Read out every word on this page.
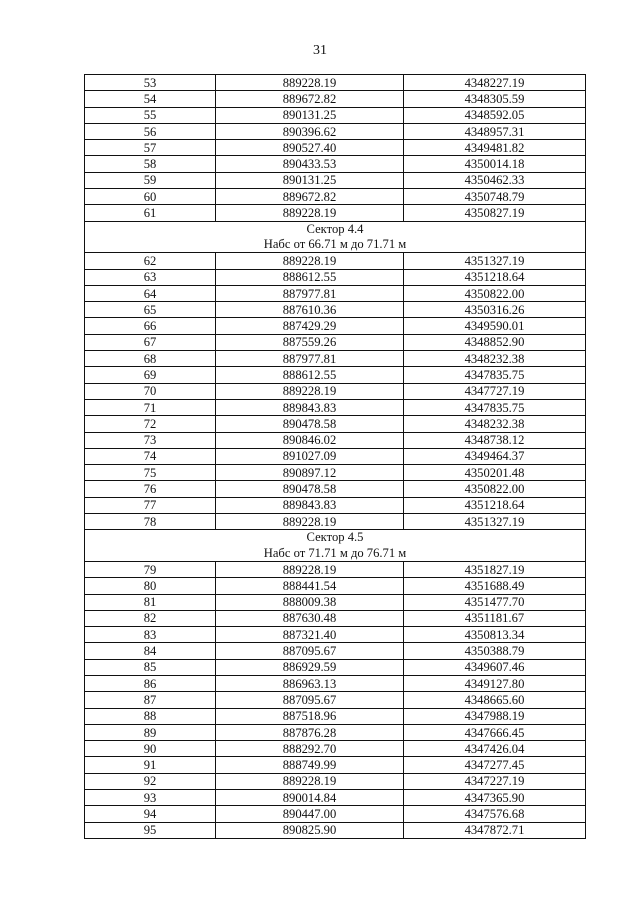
31
53	889228.19	4348227.19
54	889672.82	4348305.59
55	890131.25	4348592.05
56	890396.62	4348957.31
57	890527.40	4349481.82
58	890433.53	4350014.18
59	890131.25	4350462.33
60	889672.82	4350748.79
61	889228.19	4350827.19

Сектор 4.4
Набс от 66.71 м до 71.71 м		

62	889228.19	4351327.19
63	888612.55	4351218.64
64	887977.81	4350822.00
65	887610.36	4350316.26
66	887429.29	4349590.01
67	887559.26	4348852.90
68	887977.81	4348232.38
69	888612.55	4347835.75
70	889228.19	4347727.19
71	889843.83	4347835.75
72	890478.58	4348232.38
73	890846.02	4348738.12
74	891027.09	4349464.37
75	890897.12	4350201.48
76	890478.58	4350822.00
77	889843.83	4351218.64
78	889228.19	4351327.19

Сектор 4.5
Набс от 71.71 м до 76.71 м		

79	889228.19	4351827.19
80	888441.54	4351688.49
81	888009.38	4351477.70
82	887630.48	4351181.67
83	887321.40	4350813.34
84	887095.67	4350388.79
85	886929.59	4349607.46
86	886963.13	4349127.80
87	887095.67	4348665.60
88	887518.96	4347988.19
89	887876.28	4347666.45
90	888292.70	4347426.04
91	888749.99	4347277.45
92	889228.19	4347227.19
93	890014.84	4347365.90
94	890447.00	4347576.68
95	890825.90	4347872.71
